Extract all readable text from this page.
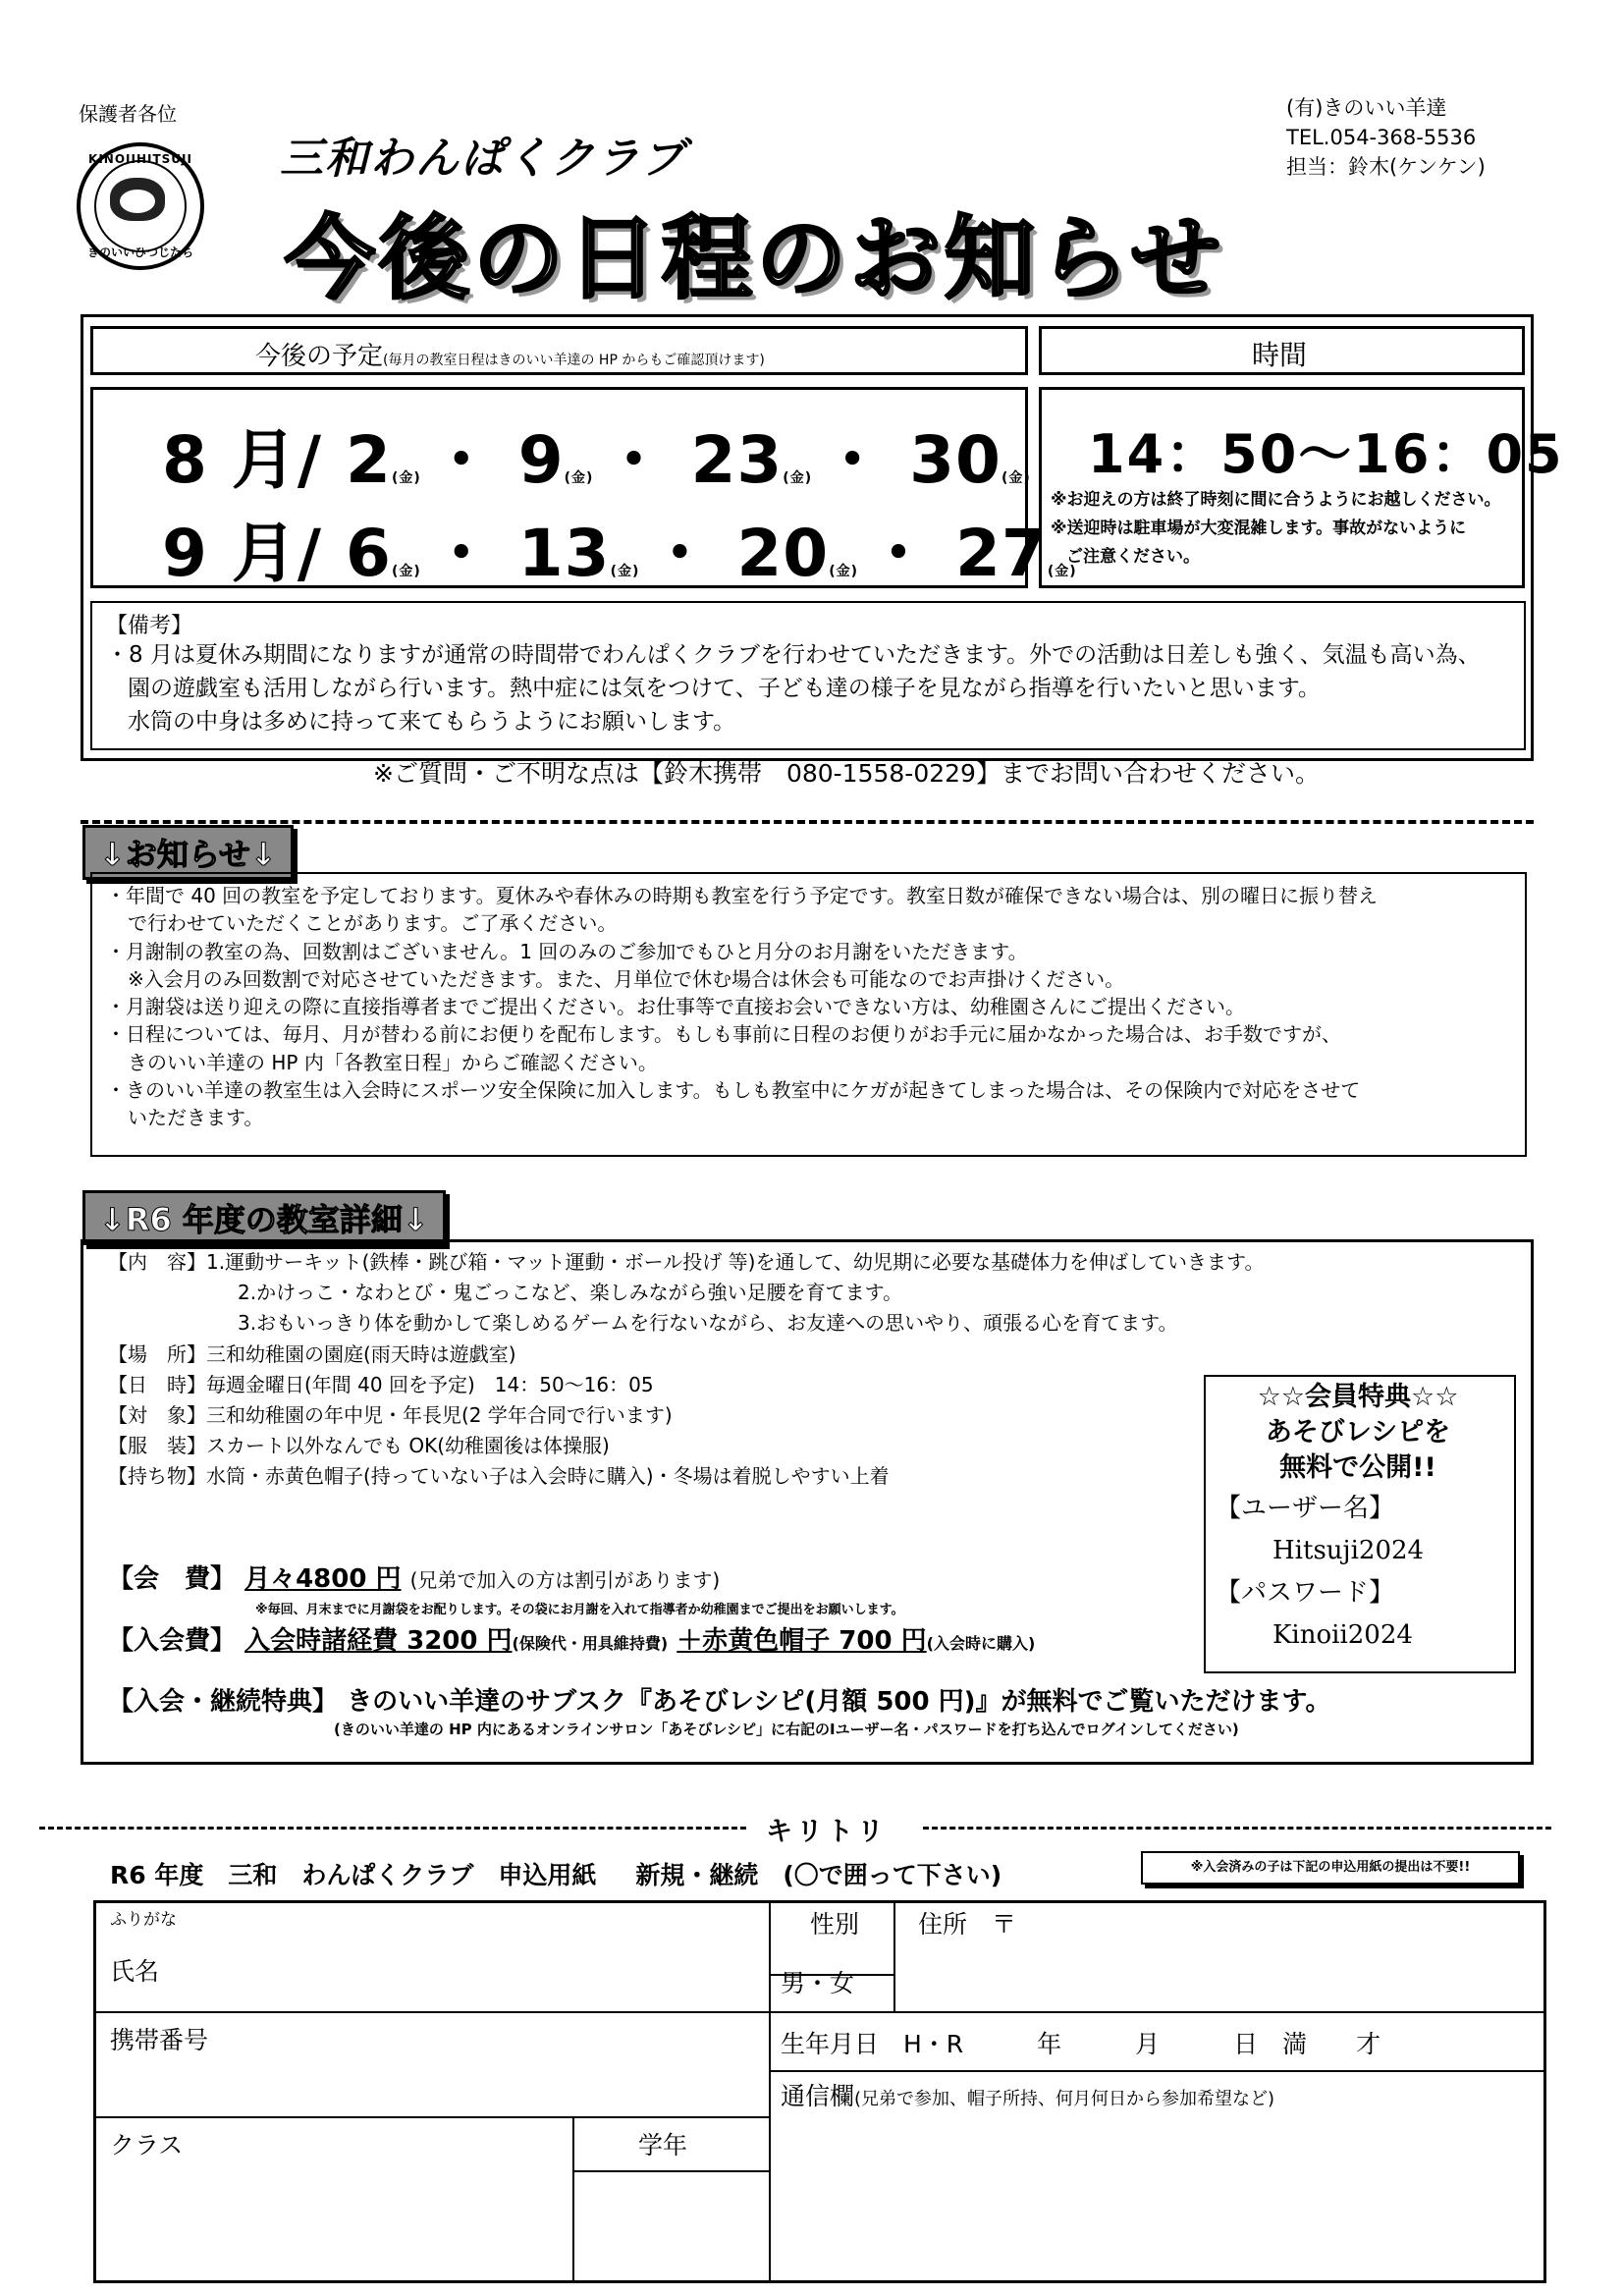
保護者各位	(有)きのいい羊達
TEL.054-368-5536
担当：鈴木(ケンケン)
KINOIIHITSUJI
きのいいひつじたち
三和わんぱくクラブ
今後の日程のお知らせ
今後の予定(毎月の教室日程はきのいい羊達の HP からもご確認頂けます)	時間
8 月/ 2(金) ・ 9(金) ・ 23(金) ・ 30(金)
9 月/ 6(金) ・ 13(金) ・ 20(金) ・ 27(金)
14：50〜16：05
※お迎えの方は終了時刻に間に合うようにお越しください。
※送迎時は駐車場が大変混雑します。事故がないように
ご注意ください。
【備考】
・8 月は夏休み期間になりますが通常の時間帯でわんぱくクラブを行わせていただきます。外での活動は日差しも強く、気温も高い為、
園の遊戯室も活用しながら行います。熱中症には気をつけて、子ども達の様子を見ながら指導を行いたいと思います。
水筒の中身は多めに持って来てもらうようにお願いします。
※ご質問・ご不明な点は【鈴木携帯　080-1558-0229】までお問い合わせください。
↓お知らせ↓
・年間で 40 回の教室を予定しております。夏休みや春休みの時期も教室を行う予定です。教室日数が確保できない場合は、別の曜日に振り替え
で行わせていただくことがあります。ご了承ください。
・月謝制の教室の為、回数割はございません。1 回のみのご参加でもひと月分のお月謝をいただきます。
※入会月のみ回数割で対応させていただきます。また、月単位で休む場合は休会も可能なのでお声掛けください。
・月謝袋は送り迎えの際に直接指導者までご提出ください。お仕事等で直接お会いできない方は、幼稚園さんにご提出ください。
・日程については、毎月、月が替わる前にお便りを配布します。もしも事前に日程のお便りがお手元に届かなかった場合は、お手数ですが、
きのいい羊達の HP 内「各教室日程」からご確認ください。
・きのいい羊達の教室生は入会時にスポーツ安全保険に加入します。もしも教室中にケガが起きてしまった場合は、その保険内で対応をさせて
いただきます。
↓R6 年度の教室詳細↓
【内　容】1.運動サーキット(鉄棒・跳び箱・マット運動・ボール投げ 等)を通して、幼児期に必要な基礎体力を伸ばしていきます。
2.かけっこ・なわとび・鬼ごっこなど、楽しみながら強い足腰を育てます。
3.おもいっきり体を動かして楽しめるゲームを行ないながら、お友達への思いやり、頑張る心を育てます。
【場　所】三和幼稚園の園庭(雨天時は遊戯室)
【日　時】毎週金曜日(年間 40 回を予定)　14：50〜16：05
【対　象】三和幼稚園の年中児・年長児(2 学年合同で行います)
【服　装】スカート以外なんでも OK(幼稚園後は体操服)
【持ち物】水筒・赤黄色帽子(持っていない子は入会時に購入)・冬場は着脱しやすい上着
☆☆会員特典☆☆
あそびレシピを
無料で公開!!
【ユーザー名】
Hitsuji2024
【パスワード】
Kinoii2024
【会　費】 月々4800 円 (兄弟で加入の方は割引があります)
※毎回、月末までに月謝袋をお配りします。その袋にお月謝を入れて指導者か幼稚園までご提出をお願いします。
【入会費】 入会時諸経費 3200 円(保険代・用具維持費) ＋赤黄色帽子 700 円(入会時に購入)
【入会・継続特典】 きのいい羊達のサブスク『あそびレシピ(月額 500 円)』が無料でご覧いただけます。
(きのいい羊達の HP 内にあるオンラインサロン「あそびレシピ」に右記のⅠユーザー名・パスワードを打ち込んでログインしてください)
キリトリ
R6 年度　三和　わんぱくクラブ　申込用紙 新規・継続　(〇で囲って下さい)	※入会済みの子は下記の申込用紙の提出は不要!!
ふりがな
氏名
性別
男・女
住所　〒
携帯番号	生年月日　H・R　　　年　　　月　　　日　満　　才
通信欄(兄弟で参加、帽子所持、何月何日から参加希望など)
クラス	学年
